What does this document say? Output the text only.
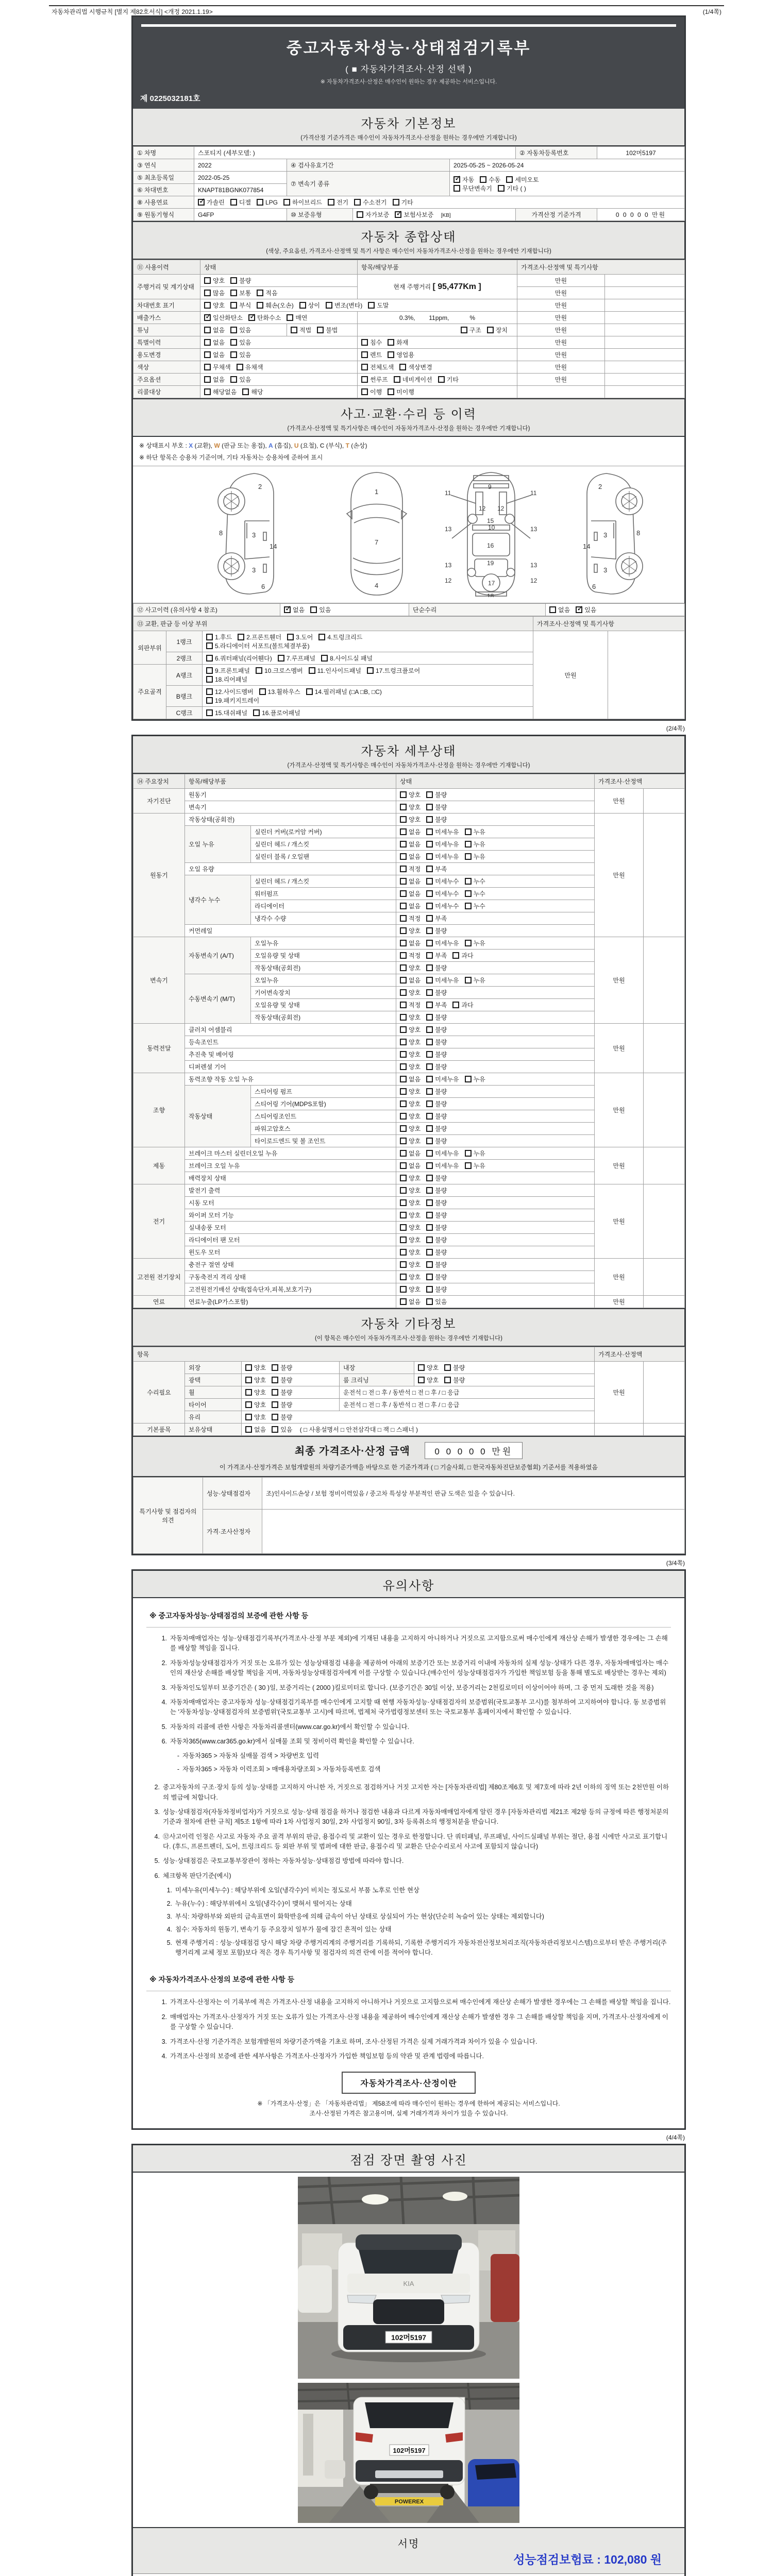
자동차관리법 시행규칙 [별지 제82호서식] <개정 2021.1.19>	(1/4쪽)
중고자동차성능·상태점검기록부
( ■ 자동차가격조사·산정 선택 )
※ 자동차가격조사·산정은 매수인이 원하는 경우 제공하는 서비스입니다.
제 0225032181호
자동차 기본정보
(가격산정 기준가격은 매수인이 자동차가격조사·산정을 원하는 경우에만 기재합니다)
① 차명	스포티지 (세부모델: )				② 자동차등록번호	102머5197
③ 연식	2022	④ 검사유효기간		2025-05-25 ~ 2026-05-24		
⑤ 최초등록일	2022-05-25	⑦ 변속기 종류	
✓자동 수동 세미오토
무단변속기 기타 ( )

⑥ 차대번호	KNAPT81BGNK077854					
⑧ 사용연료	✓가솔린 디젤 LPG 하이브리드 전기 수소전기 기타
⑨ 원동기형식	G4FP	⑩ 보증유형	자가보증 ✓ 보험사보증 [KB]		가격산정 기준가격	0 0 0 0 0 만원
자동차 종합상태
(색상, 주요옵션, 가격조사·산정액 및 특기 사항은 매수인이 자동차가격조사·산정을 원하는 경우에만 기재합니다)
⑪ 사용이력	상태		항목/해당부품	가격조사·산정액 및 특기사항	
주행거리 및 계기상태	양호 불량		현재 주행거리 [ 95,477Km ]	만원	
	많음 보통 적음			만원	
차대번호 표기	양호 부식 훼손(오손) 상이 변조(변타) 도말			만원	
배출가스	✓일산화탄소 ✓ 탄화수소 매연		0.3%,        11ppm,            %	만원	
튜닝	없음 있음	적법 불법	구조 장치	만원	
특별이력	없음 있음		침수 화재	만원	
용도변경	없음 있음		렌트 영업용	만원	
색상	무채색 유채색		전체도색 색상변경	만원	
주요옵션	없음 있음		썬루프 네비게이션 기타	만원	
리콜대상	해당없음 해당		이행 미이행		
사고·교환·수리 등 이력
(가격조사·산정액 및 특기사항은 매수인이 자동차가격조사·산정을 원하는 경우에만 기재합니다)
※ 상태표시 부호 : X (교환), W (판금 또는 용접), A (흠집), U (요철), C (부식), T (손상)
※ 하단 항목은 승용차 기준이며, 기타 자동차는 승용차에 준하여 표시
2
8	3
14
3
6
1
7
4
11	11
13	13
12 12
9
10
15
16
19
17
13	13
12	12
18
2
8
3
14
3
6
⑫ 사고이력 (유의사항 4 참조)	✓없음 있음	단순수리	없음 ✓ 있음
⑬ 교환, 판금 등 이상 부위			가격조사·산정액 및 특기사항	
외판부위	1랭크	1.후드 2.프론트휀더 3.도어 4.트렁크리드
5.라디에이터 서포트(볼트체결부품)	만원	
	2랭크	6.쿼터패널(리어휀다) 7.루프패널 8.사이드실 패널		
주요골격	A랭크	9.프론트패널 10.크로스멤버 11.인사이드패널 17.트렁크플로어
18.리어패널		
	B랭크	12.사이드멤버 13.휠하우스 14.필러패널 (□A □B, □C)
19.패키지트레이		
	C랭크	15.대쉬패널 16.플로어패널		
(2/4쪽)
자동차 세부상태
(가격조사·산정액 및 특기사항은 매수인이 자동차가격조사·산정을 원하는 경우에만 기재합니다)
⑭ 주요장치	항목/해당부품		상태	가격조사·산정액	
자기진단	원동기		양호 불량	만원	
	변속기		양호 불량		
원동기	작동상태(공회전)		양호 불량	만원	
	오일 누유	실린더 커버(로커암 커버)	없음 미세누유 누유		
		실린더 헤드 / 개스킷	없음 미세누유 누유		
		실린더 블록 / 오일팬	없음 미세누유 누유		
	오일 유량		적정 부족		
	냉각수 누수	실린더 헤드 / 개스킷	없음 미세누수 누수		
		워터펌프	없음 미세누수 누수		
		라디에이터	없음 미세누수 누수		
		냉각수 수량	적정 부족		
	커먼레일		양호 불량		
변속기	자동변속기 (A/T)	오일누유	없음 미세누유 누유	만원	
		오일유량 및 상태	적정 부족 과다		
		작동상태(공회전)	양호 불량		
	수동변속기 (M/T)	오일누유	없음 미세누유 누유		
		기어변속장치	양호 불량		
		오일유량 및 상태	적정 부족 과다		
		작동상태(공회전)	양호 불량		
동력전달	클러치 어셈블리		양호 불량	만원	
	등속조인트		양호 불량		
	추진축 및 베어링		양호 불량		
	디퍼렌셜 기어		양호 불량		
조향	동력조향 작동 오일 누유		없음 미세누유 누유	만원	
	작동상태	스티어링 펌프	양호 불량		
		스티어링 기어(MDPS포함)	양호 불량		
		스티어링조인트	양호 불량		
		파워고압호스	양호 불량		
		타이로드엔드 및 볼 조인트	양호 불량		
제동	브레이크 마스터 실린더오일 누유		없음 미세누유 누유	만원	
	브레이크 오일 누유		없음 미세누유 누유		
	배력장치 상태		양호 불량		
전기	발전기 출력		양호 불량	만원	
	시동 모터		양호 불량		
	와이퍼 모터 기능		양호 불량		
	실내송풍 모터		양호 불량		
	라디에이터 팬 모터		양호 불량		
	윈도우 모터		양호 불량		
고전원 전기장치	충전구 절연 상태		양호 불량	만원	
	구동축전지 격리 상태		양호 불량		
	고전원전기배선 상태(접속단자,피복,보호기구)		양호 불량		
연료	연료누출(LP가스포함)		없음 있음	만원	
자동차 기타정보
(이 항목은 매수인이 자동차가격조사·산정을 원하는 경우에만 기재합니다)
항목					가격조사·산정액	
수리필요	외장	양호 불량	내장	양호 불량	만원	
	광택	양호 불량	룸 크리닝	양호 불량		
	휠	양호 불량	운전석 □ 전 □ 후 / 동반석 □ 전 □ 후 / □ 응급			
	타이어	양호 불량	운전석 □ 전 □ 후 / 동반석 □ 전 □ 후 / □ 응급			
	유리	양호 불량				
기본품목	보유상태	없음 있음 ( □ 사용설명서 □ 안전삼각대 □ 잭 □ 스패너 )				
최종 가격조사·산정 금액	0 0 0 0 0 만원
이 가격조사·산정가격은 보험개발원의 차량기준가액을 바탕으로 한 기준가격과 ( □ 기술사회, □ 한국자동차진단보증협회) 기준서를 적용하였음
특기사항 및 점검자의 의견	성능·상태점검자	조)인사이드손상 / 보험 정비이력있음 / 중고차 특성상 부분적인 판금 도색은 있을 수 있습니다.
	가격·조사산정자	
(3/4쪽)
유의사항
※ 중고자동차성능·상태점검의 보증에 관한 사항 등
1. 자동차매매업자는 성능·상태점검기록부(가격조사·산정 부분 제외)에 기재된 내용을 고지하지 아니하거나 거짓으로 고지함으로써 매수인에게 재산상 손해가 발생한 경우에는 그 손해를 배상할 책임을 집니다.
2. 자동차성능상태점검자가 거짓 또는 오류가 있는 성능상태점검 내용을 제공하여 아래의 보증기간 또는 보증거리 이내에 자동차의 실제 성능·상태가 다른 경우, 자동차매매업자는 매수인의 재산상 손해를 배상할 책임을 지며, 자동차성능상태점검자에게 이를 구상할 수 있습니다.(매수인이 성능상태점검자가 가입한 책임보험 등을 통해 별도로 배상받는 경우는 제외)
3. 자동차인도일부터 보증기간은 ( 30 )일, 보증거리는 ( 2000 )킬로미터로 합니다. (보증기간은 30일 이상, 보증거리는 2천킬로미터 이상이어야 하며, 그 중 먼저 도래한 것을 적용)
4. 자동차매매업자는 중고자동차 성능·상태점검기록부를 매수인에게 고지할 때 현행 자동차성능·상태점검자의 보증범위(국토교통부 고시)를 첨부하여 고지하여야 합니다. 동 보증범위는 '자동차성능·상태점검자의 보증범위'(국토교통부 고시)에 따르며, 법제처 국가법령정보센터 또는 국토교통부 홈페이지에서 확인할 수 있습니다.
5. 자동차의 리콜에 관한 사항은 자동차리콜센터(www.car.go.kr)에서 확인할 수 있습니다.
6. 자동차365(www.car365.go.kr)에서 실매물 조회 및 정비이력 확인을 확인할 수 있습니다.
- 자동차365 > 자동차 실매물 검색 > 차량번호 입력
- 자동차365 > 자동차 이력조회 > 매매용차량조회 > 자동차등록번호 검색
2. 중고자동차의 구조·장치 등의 성능·상태를 고지하지 아니한 자, 거짓으로 점검하거나 거짓 고지한 자는 [자동차관리법] 제80조제6호 및 제7호에 따라 2년 이하의 징역 또는 2천만원 이하의 벌금에 처합니다.
3. 성능·상태점검자(자동차정비업자)가 거짓으로 성능·상태 점검을 하거나 점검한 내용과 다르게 자동차매매업자에게 알린 경우 [자동차관리법 제21조 제2항 등의 규정에 따른 행정처분의 기준과 절차에 관한 규칙] 제5조 1항에 따라 1차 사업정지 30일, 2차 사업정지 90일, 3차 등록취소의 행정처분을 받습니다.
4. ⑫사고이력 인정은 사고로 자동차 주요 골격 부위의 판금, 용접수리 및 교환이 있는 경우로 한정합니다. 단 쿼터패널, 루프패널, 사이드실패널 부위는 절단, 용접 시에만 사고로 표기합니다. (후드, 프론트펜더, 도어, 트렁크리드 등 외판 부위 및 범퍼에 대한 판금, 용접수리 및 교환은 단순수리로서 사고에 포함되지 않습니다)
5. 성능·상태점검은 국토교통부장관이 정하는 자동차성능·상태점검 방법에 따라야 합니다.
6. 체크항목 판단기준(예시)
1. 미세누유(미세누수) : 해당부위에 오일(냉각수)이 비치는 정도로서 부품 노후로 인한 현상
2. 누유(누수) : 해당부위에서 오일(냉각수)이 맺혀서 떨어지는 상태
3. 부식: 차량하부와 외판의 금속표면이 화학반응에 의해 금속이 아닌 상태로 상실되어 가는 현상(단순히 녹슬어 있는 상태는 제외합니다)
4. 침수: 자동차의 원동기, 변속기 등 주요장치 일부가 물에 잠긴 흔적이 있는 상태
5. 현재 주행거리 : 성능·상태점검 당시 해당 차량 주행거리계의 주행거리를 기록하되, 기록한 주행거리가 자동차전산정보처리조직(자동차관리정보시스템)으로부터 받은 주행거리(주행거리계 교체 정보 포함)보다 적은 경우 특기사항 및 점검자의 의견 란에 이를 적어야 합니다.
※ 자동차가격조사·산정의 보증에 관한 사항 등
1. 가격조사·산정자는 이 기록부에 적은 가격조사·산정 내용을 고지하지 아니하거나 거짓으로 고지함으로써 매수인에게 재산상 손해가 발생한 경우에는 그 손해를 배상할 책임을 집니다.
2. 매매업자는 가격조사·산정자가 거짓 또는 오류가 있는 가격조사·산정 내용을 제공하여 매수인에게 재산상 손해가 발생한 경우 그 손해를 배상할 책임을 지며, 가격조사·산정자에게 이를 구상할 수 있습니다.
3. 가격조사·산정 기준가격은 보험개발원의 차량기준가액을 기초로 하며, 조사·산정된 가격은 실제 거래가격과 차이가 있을 수 있습니다.
4. 가격조사·산정의 보증에 관한 세부사항은 가격조사·산정자가 가입한 책임보험 등의 약관 및 관계 법령에 따릅니다.
자동차가격조사·산정이란
※ 「가격조사·산정」은 「자동차관리법」 제58조에 따라 매수인이 원하는 경우에 한하여 제공되는 서비스입니다.
조사·산정된 가격은 참고용이며, 실제 거래가격과 차이가 있을 수 있습니다.
(4/4쪽)
점검 장면 촬영 사진
KIA
102머5197
102머5197
POWEREX
서명
성능점검보험료 : 102,080 원
